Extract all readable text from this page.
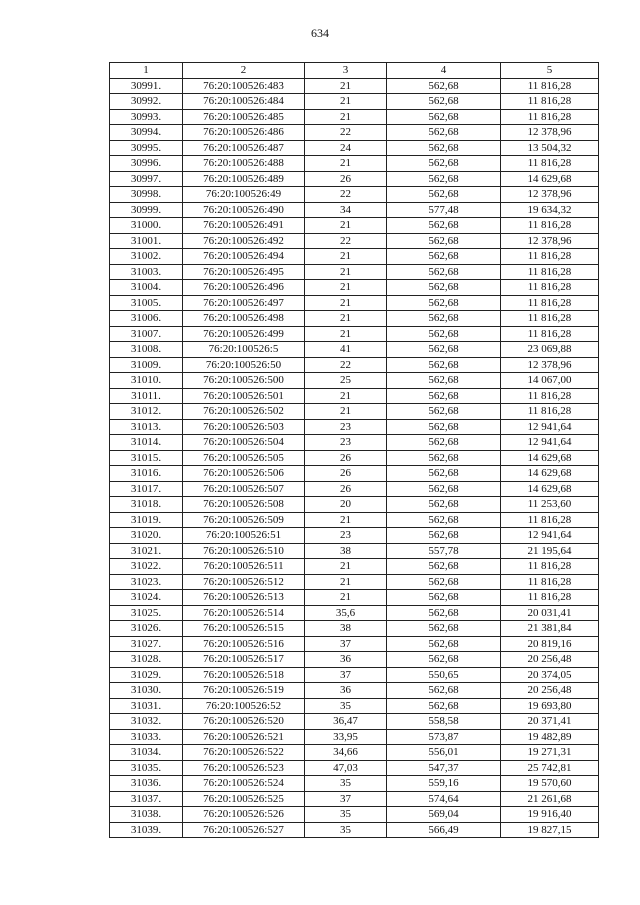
634
1	2	3	4	5
30991.	76:20:100526:483	21	562,68	11 816,28
30992.	76:20:100526:484	21	562,68	11 816,28
30993.	76:20:100526:485	21	562,68	11 816,28
30994.	76:20:100526:486	22	562,68	12 378,96
30995.	76:20:100526:487	24	562,68	13 504,32
30996.	76:20:100526:488	21	562,68	11 816,28
30997.	76:20:100526:489	26	562,68	14 629,68
30998.	76:20:100526:49	22	562,68	12 378,96
30999.	76:20:100526:490	34	577,48	19 634,32
31000.	76:20:100526:491	21	562,68	11 816,28
31001.	76:20:100526:492	22	562,68	12 378,96
31002.	76:20:100526:494	21	562,68	11 816,28
31003.	76:20:100526:495	21	562,68	11 816,28
31004.	76:20:100526:496	21	562,68	11 816,28
31005.	76:20:100526:497	21	562,68	11 816,28
31006.	76:20:100526:498	21	562,68	11 816,28
31007.	76:20:100526:499	21	562,68	11 816,28
31008.	76:20:100526:5	41	562,68	23 069,88
31009.	76:20:100526:50	22	562,68	12 378,96
31010.	76:20:100526:500	25	562,68	14 067,00
31011.	76:20:100526:501	21	562,68	11 816,28
31012.	76:20:100526:502	21	562,68	11 816,28
31013.	76:20:100526:503	23	562,68	12 941,64
31014.	76:20:100526:504	23	562,68	12 941,64
31015.	76:20:100526:505	26	562,68	14 629,68
31016.	76:20:100526:506	26	562,68	14 629,68
31017.	76:20:100526:507	26	562,68	14 629,68
31018.	76:20:100526:508	20	562,68	11 253,60
31019.	76:20:100526:509	21	562,68	11 816,28
31020.	76:20:100526:51	23	562,68	12 941,64
31021.	76:20:100526:510	38	557,78	21 195,64
31022.	76:20:100526:511	21	562,68	11 816,28
31023.	76:20:100526:512	21	562,68	11 816,28
31024.	76:20:100526:513	21	562,68	11 816,28
31025.	76:20:100526:514	35,6	562,68	20 031,41
31026.	76:20:100526:515	38	562,68	21 381,84
31027.	76:20:100526:516	37	562,68	20 819,16
31028.	76:20:100526:517	36	562,68	20 256,48
31029.	76:20:100526:518	37	550,65	20 374,05
31030.	76:20:100526:519	36	562,68	20 256,48
31031.	76:20:100526:52	35	562,68	19 693,80
31032.	76:20:100526:520	36,47	558,58	20 371,41
31033.	76:20:100526:521	33,95	573,87	19 482,89
31034.	76:20:100526:522	34,66	556,01	19 271,31
31035.	76:20:100526:523	47,03	547,37	25 742,81
31036.	76:20:100526:524	35	559,16	19 570,60
31037.	76:20:100526:525	37	574,64	21 261,68
31038.	76:20:100526:526	35	569,04	19 916,40
31039.	76:20:100526:527	35	566,49	19 827,15
